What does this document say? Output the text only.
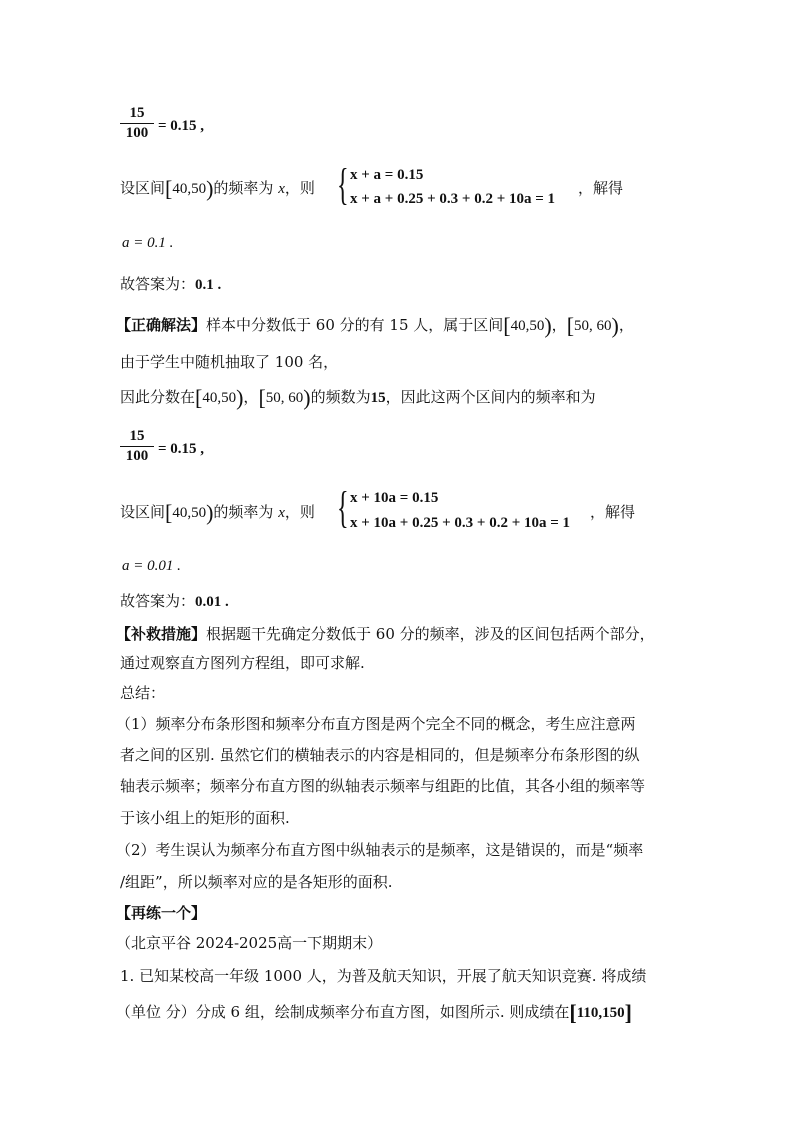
15
100 = 0.15 ,
设区间[40,50)的频率为 x，则 { x + a = 0.15
x + a + 0.25 + 0.3 + 0.2 + 10a = 1
，解得
a = 0.1 .
故答案为：0.1 .
【正确解法】样本中分数低于 60 分的有 15 人，属于区间[40,50)，[50, 60)，
由于学生中随机抽取了 100 名，
因此分数在[40,50)，[50, 60)的频数为15，因此这两个区间内的频率和为
15
100 = 0.15 ,
设区间[40,50)的频率为 x，则 { x + 10a = 0.15
x + 10a + 0.25 + 0.3 + 0.2 + 10a = 1
，解得
a = 0.01 .
故答案为：0.01 .
【补救措施】根据题干先确定分数低于 60 分的频率，涉及的区间包括两个部分，
通过观察直方图列方程组，即可求解.
总结：
（1）频率分布条形图和频率分布直方图是两个完全不同的概念，考生应注意两
者之间的区别. 虽然它们的横轴表示的内容是相同的，但是频率分布条形图的纵
轴表示频率；频率分布直方图的纵轴表示频率与组距的比值，其各小组的频率等
于该小组上的矩形的面积.
（2）考生误认为频率分布直方图中纵轴表示的是频率，这是错误的，而是“频率
/组距”，所以频率对应的是各矩形的面积.
【再练一个】
（北京平谷 2024-2025高一下期期末）
1. 已知某校高一年级 1000 人，为普及航天知识，开展了航天知识竞赛. 将成绩
（单位 分）分成 6 组，绘制成频率分布直方图，如图所示. 则成绩在[110,150]
